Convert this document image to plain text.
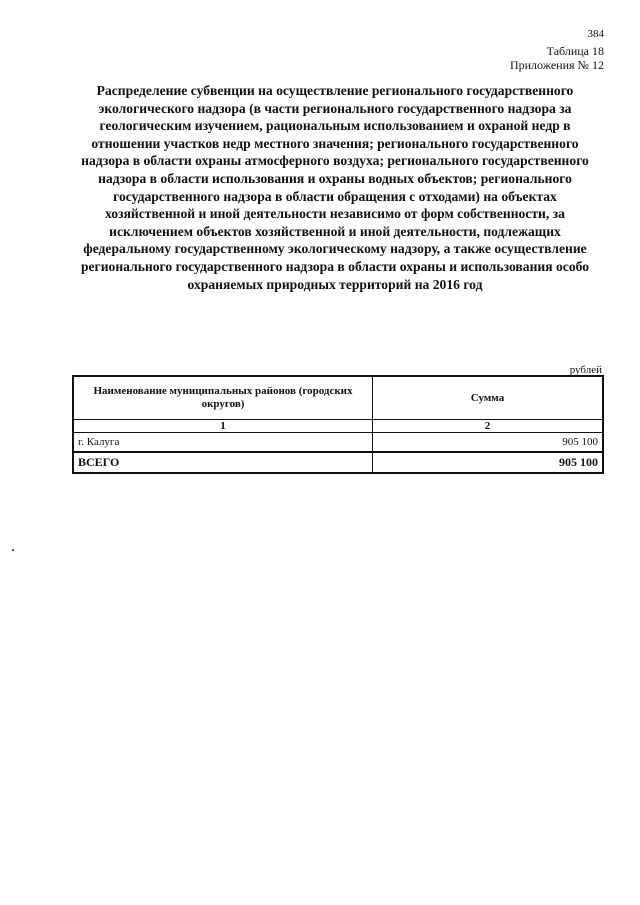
384
Таблица 18
Приложения № 12
Распределение субвенции на осуществление регионального государственного экологического надзора (в части регионального государственного надзора за геологическим изучением, рациональным использованием и охраной недр в отношении участков недр местного значения; регионального государственного надзора в области охраны атмосферного воздуха; регионального государственного надзора в области использования и охраны водных объектов; регионального государственного надзора в области обращения с отходами) на объектах хозяйственной и иной деятельности независимо от форм собственности, за исключением объектов хозяйственной и иной деятельности, подлежащих федеральному государственному экологическому надзору, а также осуществление регионального государственного надзора в области охраны и использования особо охраняемых природных территорий на 2016 год
рублей
Наименование муниципальных районов (городских округов)	Сумма
1	2
г. Калуга	905 100
ВСЕГО	905 100
